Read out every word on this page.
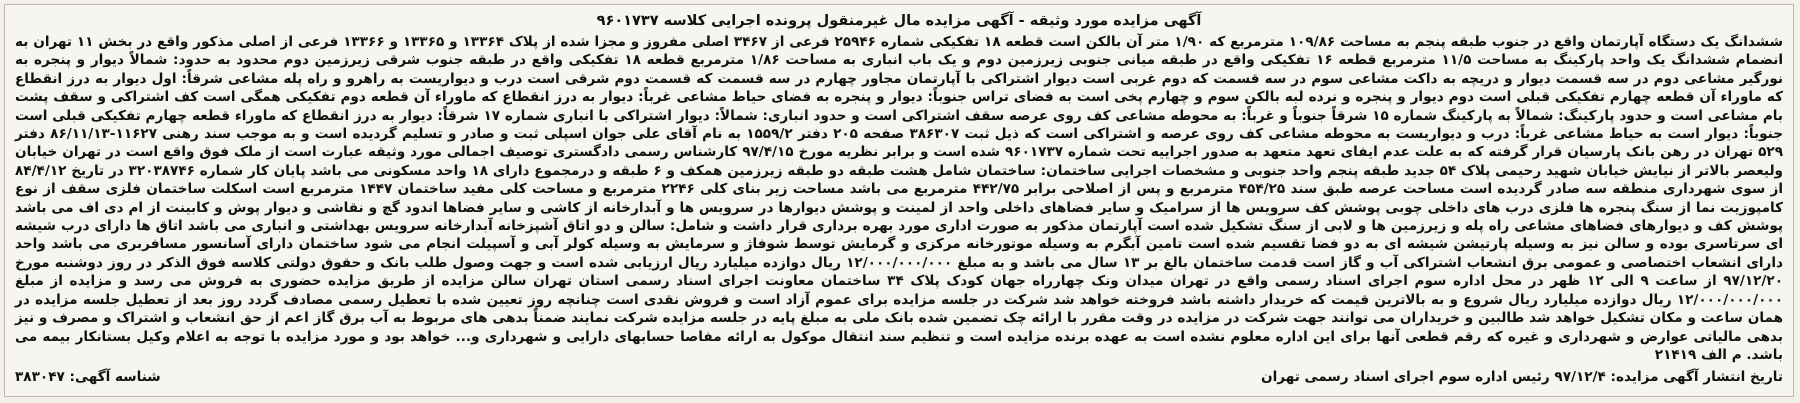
آگهی مزایده مورد وثیقه - آگهی مزایده مال غیرمنقول پرونده اجرایی کلاسه ۹۶۰۱۷۳۷

ششدانگ یک دستگاه آپارتمان واقع در جنوب طبقه پنجم به مساحت ۱۰۹/۸۶ مترمربع که ۱/۹۰ متر آن بالکن است قطعه ۱۸ تفکیکی شماره ۲۵۹۴۶ فرعی از ۳۴۶۷ اصلی مفروز و مجزا شده از پلاک ۱۳۳۶۴ و ۱۳۳۶۵ و ۱۳۳۶۶ فرعی از اصلی مذکور واقع در بخش ۱۱ تهران به انضمام ششدانگ یک واحد پارکینگ به مساحت ۱۱/۵ مترمربع قطعه ۱۶ تفکیکی واقع در طبقه میانی جنوبی زیرزمین دوم و یک باب انباری به مساحت ۱/۸۶ مترمربع قطعه ۱۸ تفکیکی واقع در طبقه جنوب شرقی زیرزمین دوم محدود به حدود: شمالاً دیوار و پنجره به نورگیر مشاعی دوم در سه قسمت دیوار و دریچه به داکت مشاعی سوم در سه قسمت که دوم غربی است دیوار اشتراکی با آپارتمان مجاور چهارم در سه قسمت که قسمت دوم شرقی است درب و دیواریست به راهرو و راه پله مشاعی شرقاً: اول دیوار به درز انقطاع که ماوراء آن قطعه چهارم تفکیکی قبلی است دوم دیوار و پنجره و نرده لبه بالکن سوم و چهارم پخی است به فضای تراس جنوباً: دیوار و پنجره به فضای حیاط مشاعی غرباً: دیوار به درز انقطاع که ماوراء آن قطعه دوم تفکیکی همگی است کف اشتراکی و سقف پشت بام مشاعی است و حدود پارکینگ: شمالاً به پارکینگ شماره ۱۵ شرقاً جنوباً و غرباً: به محوطه مشاعی کف روی عرصه سقف اشتراکی است و حدود انباری: شمالاً: دیوار اشتراکی با انباری شماره ۱۷ شرقاً: دیوار به درز انقطاع که ماوراء قطعه چهارم تفکیکی قبلی است جنوباً: دیوار است به حیاط مشاعی غرباً: درب و دیواریست به محوطه مشاعی کف روی عرصه و اشتراکی است که ذیل ثبت ۳۸۶۳۰۷ صفحه ۲۰۵ دفتر ۱۵۵۹/۲ به نام آقای علی جوان اسپلی ثبت و صادر و تسلیم گردیده است و به موجب سند رهنی ۱۱۶۲۷-۸۶/۱۱/۱۳ دفتر ۵۲۹ تهران در رهن بانک پارسیان قرار گرفته که به علت عدم ایفای تعهد متعهد به صدور اجراییه تحت شماره ۹۶۰۱۷۳۷ شده است و برابر نظریه مورخ ۹۷/۴/۱۵ کارشناس رسمی دادگستری توصیف اجمالی مورد وثیقه عبارت است از ملک فوق واقع است در تهران خیابان ولیعصر بالاتر از نیایش خیابان شهید رحیمی پلاک ۵۴ جدید طبقه پنجم واحد جنوبی و مشخصات اجرایی ساختمان: ساختمان شامل هشت طبقه دو طبقه زیرزمین همکف و ۶ طبقه و درمجموع دارای ۱۸ واحد مسکونی می باشد پایان کار شماره ۳۲۰۳۸۷۴۶ در تاریخ ۸۴/۴/۱۲ از سوی شهرداری منطقه سه صادر گردیده است مساحت عرصه طبق سند ۴۵۴/۲۵ مترمربع و پس از اصلاحی برابر ۴۴۲/۷۵ مترمربع می باشد مساحت زیر بنای کلی ۲۲۴۶ مترمربع و مساحت کلی مفید ساختمان ۱۴۴۷ مترمربع است اسکلت ساختمان فلزی سقف از نوع کامپوزیت نما از سنگ پنجره ها فلزی درب های داخلی چوبی پوشش کف سرویس ها از سرامیک و سایر فضاهای داخلی واحد از لمینت و پوشش دیوارها در سرویس ها و آبدارخانه از کاشی و سایر فضاها اندود گچ و نقاشی و دیوار پوش و کابینت از ام دی اف می باشد پوشش کف و دیوارهای فضاهای مشاعی راه پله و زیرزمین ها و لابی از سنگ تشکیل شده است آپارتمان مذکور به صورت اداری مورد بهره برداری قرار داشت و شامل: سالن و دو اتاق آشپزخانه آبدارخانه سرویس بهداشتی و انباری می باشد اتاق ها دارای درب شیشه ای سرتاسری بوده و سالن نیز به وسیله پارتیشن شیشه ای به دو فضا تقسیم شده است تامین آبگرم به وسیله موتورخانه مرکزی و گرمایش توسط شوفاژ و سرمایش به وسیله کولر آبی و آسپیلت انجام می شود ساختمان دارای آسانسور مسافربری می باشد واحد دارای انشعاب اختصاصی و عمومی برق انشعاب اشتراکی آب و گاز است قدمت ساختمان بالغ بر ۱۳ سال می باشد و به مبلغ ۱۲/۰۰۰/۰۰۰/۰۰۰ ریال دوازده میلیارد ریال ارزیابی شده است و جهت وصول طلب بانک و حقوق دولتی کلاسه فوق الذکر در روز دوشنبه مورخ ۹۷/۱۲/۲۰ از ساعت ۹ الی ۱۲ ظهر در محل اداره سوم اجرای اسناد رسمی واقع در تهران میدان ونک چهارراه جهان کودک پلاک ۳۴ ساختمان معاونت اجرای اسناد رسمی استان تهران سالن مزایده از طریق مزایده حضوری به فروش می رسد و مزایده از مبلغ ۱۲/۰۰۰/۰۰۰/۰۰۰ ریال دوازده میلیارد ریال شروع و به بالاترین قیمت که خریدار داشته باشد فروخته خواهد شد شرکت در جلسه مزایده برای عموم آزاد است و فروش نقدی است چنانچه روز تعیین شده با تعطیل رسمی مصادف گردد روز بعد از تعطیل جلسه مزایده در همان ساعت و مکان تشکیل خواهد شد طالبین و خریداران می توانند جهت شرکت در مزایده در وقت مقرر با ارائه چک تضمین شده بانک ملی به مبلغ پایه در جلسه مزایده شرکت نمایند ضمناً بدهی های مربوط به آب برق گاز اعم از حق انشعاب و اشتراک و مصرف و نیز بدهی مالیاتی عوارض و شهرداری و غیره که رقم قطعی آنها برای این اداره معلوم نشده است به عهده برنده مزایده است و تنظیم سند انتقال موکول به ارائه مفاصا حسابهای دارایی و شهرداری و... خواهد بود و مورد مزایده با توجه به اعلام وکیل بستانکار بیمه می باشد. م الف ۲۱۴۱۹

تاریخ انتشار آگهی مزایده: ۹۷/۱۲/۴ رئیس اداره سوم اجرای اسناد رسمی تهران
شناسه آگهی: ۳۸۳۰۴۷
